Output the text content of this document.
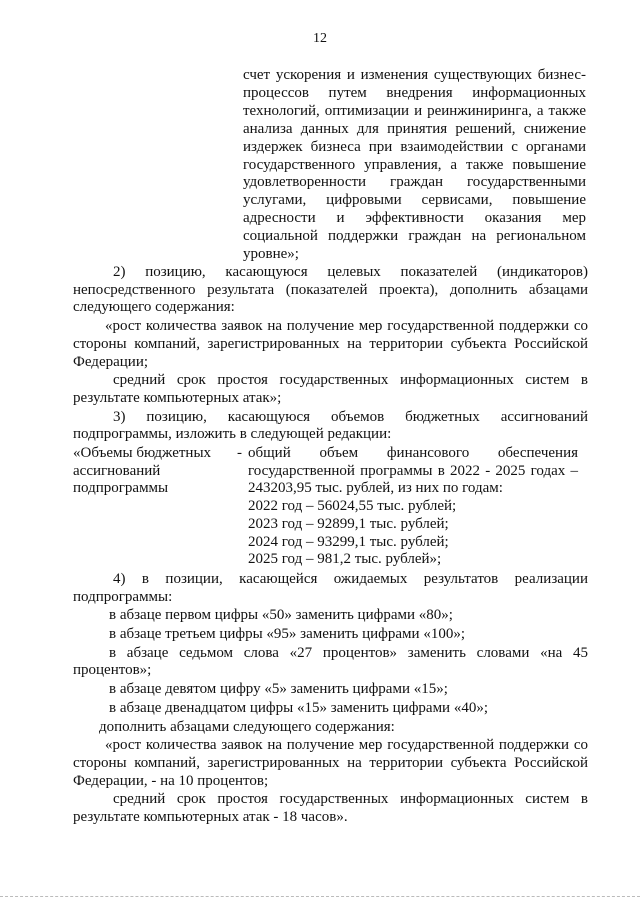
12
счет ускорения и изменения существующих бизнес-процессов путем внедрения информационных технологий, оптимизации и реинжиниринга, а также анализа данных для принятия решений, снижение издержек бизнеса при взаимодействии с органами государственного управления, а также повышение удовлетворенности граждан государственными услугами, цифровыми сервисами, повышение адресности и эффективности оказания мер социальной поддержки граждан на региональном уровне»;

2) позицию, касающуюся целевых показателей (индикаторов) непосредственного результата (показателей проекта), дополнить абзацами следующего содержания:

«рост количества заявок на получение мер государственной поддержки со стороны компаний, зарегистрированных на территории субъекта Российской Федерации;

средний срок простоя государственных информационных систем в результате компьютерных атак»;

3) позицию, касающуюся объемов бюджетных ассигнований подпрограммы, изложить в следующей редакции:

«Объемы бюджетных -
ассигнований
подпрограммы
общий объем финансового обеспечения государственной программы в 2022 - 2025 годах – 243203,95 тыс. рублей, из них по годам:
2022 год – 56024,55 тыс. рублей;
2023 год – 92899,1 тыс. рублей;
2024 год – 93299,1 тыс. рублей;
2025 год – 981,2 тыс. рублей»;

4) в позиции, касающейся ожидаемых результатов реализации подпрограммы:

в абзаце первом цифры «50» заменить цифрами «80»;

в абзаце третьем цифры «95» заменить цифрами «100»;

в абзаце седьмом слова «27 процентов» заменить словами «на 45 процентов»;

в абзаце девятом цифру «5» заменить цифрами «15»;

в абзаце двенадцатом цифры «15» заменить цифрами «40»;

дополнить абзацами следующего содержания:

«рост количества заявок на получение мер государственной поддержки со стороны компаний, зарегистрированных на территории субъекта Российской Федерации, - на 10 процентов;

средний срок простоя государственных информационных систем в результате компьютерных атак - 18 часов».
